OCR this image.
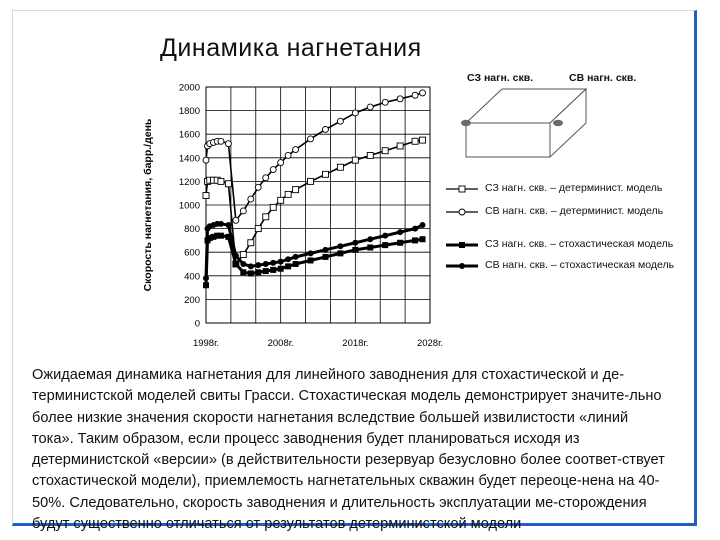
Динамика нагнетания
Скорость нагнетания, барр./день
0
200
400
600
800
1000
1200
1400
1600
1800
2000
1998г.	2008г.	2018г.	2028г.
СЗ нагн. скв.	СВ нагн. скв.
СЗ нагн. скв. – детерминист. модель
СВ нагн. скв. – детерминист. модель
СЗ нагн. скв. – стохастическая модель
СВ нагн. скв. – стохастическая модель

Ожидаемая динамика нагнетания для линейного заводнения для стохастической и де-терминистской моделей свиты Грасси. Стохастическая модель демонстрирует значите-льно более низкие значения скорости нагнетания вследствие большей извилистости «линий тока». Таким образом, если процесс заводнения будет планироваться исходя из детерминистской «версии» (в действительности резервуар безусловно более соответ-ствует стохастической модели), приемлемость нагнетательных скважин будет переоце-нена на 40-50%. Следовательно, скорость заводнения и длительность эксплуатации ме-сторождения будут существенно отличаться от результатов детерминистской модели
